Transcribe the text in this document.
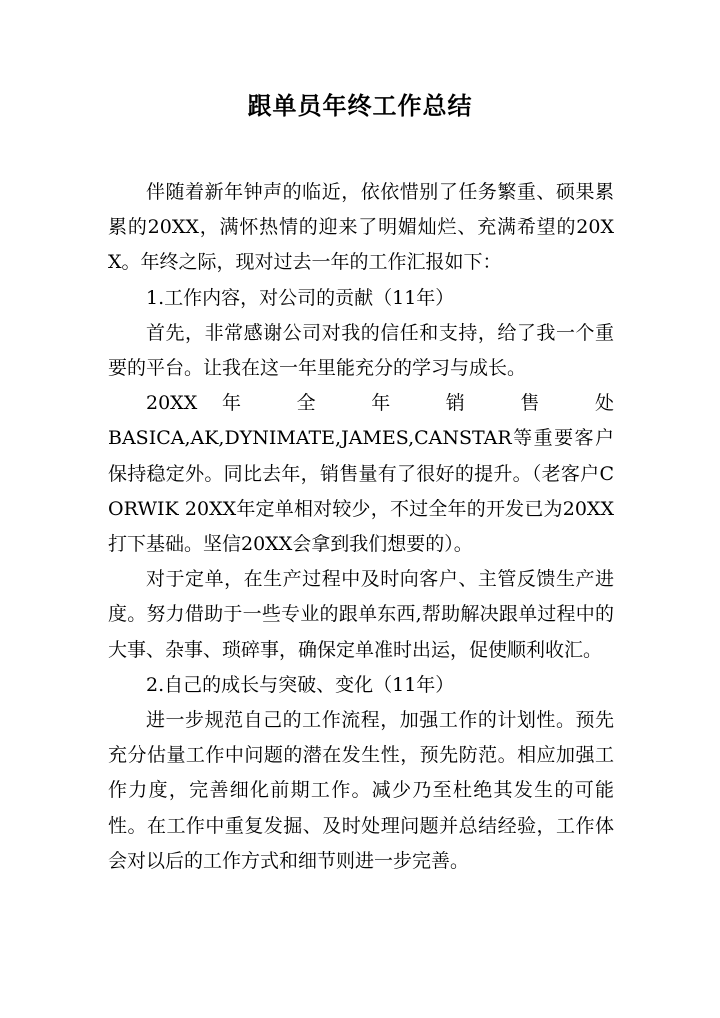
跟单员年终工作总结

伴随着新年钟声的临近，依依惜别了任务繁重、硕果累累的20XX，满怀热情的迎来了明媚灿烂、充满希望的20XX。年终之际，现对过去一年的工作汇报如下：

1.工作内容，对公司的贡献（11年）

首先，非常感谢公司对我的信任和支持，给了我一个重要的平台。让我在这一年里能充分的学习与成长。

20XX年 全 年 销 售 处

BASICA,AK,DYNIMATE,JAMES,CANSTAR等重要客户保持稳定外。同比去年，销售量有了很好的提升。（老客户CORWIK 20XX年定单相对较少，不过全年的开发已为20XX打下基础。坚信20XX会拿到我们想要的）。

对于定单，在生产过程中及时向客户、主管反馈生产进度。努力借助于一些专业的跟单东西,帮助解决跟单过程中的大事、杂事、琐碎事，确保定单准时出运，促使顺利收汇。

2.自己的成长与突破、变化（11年）

进一步规范自己的工作流程，加强工作的计划性。预先充分估量工作中问题的潜在发生性，预先防范。相应加强工作力度，完善细化前期工作。减少乃至杜绝其发生的可能性。在工作中重复发掘、及时处理问题并总结经验，工作体会对以后的工作方式和细节则进一步完善。
